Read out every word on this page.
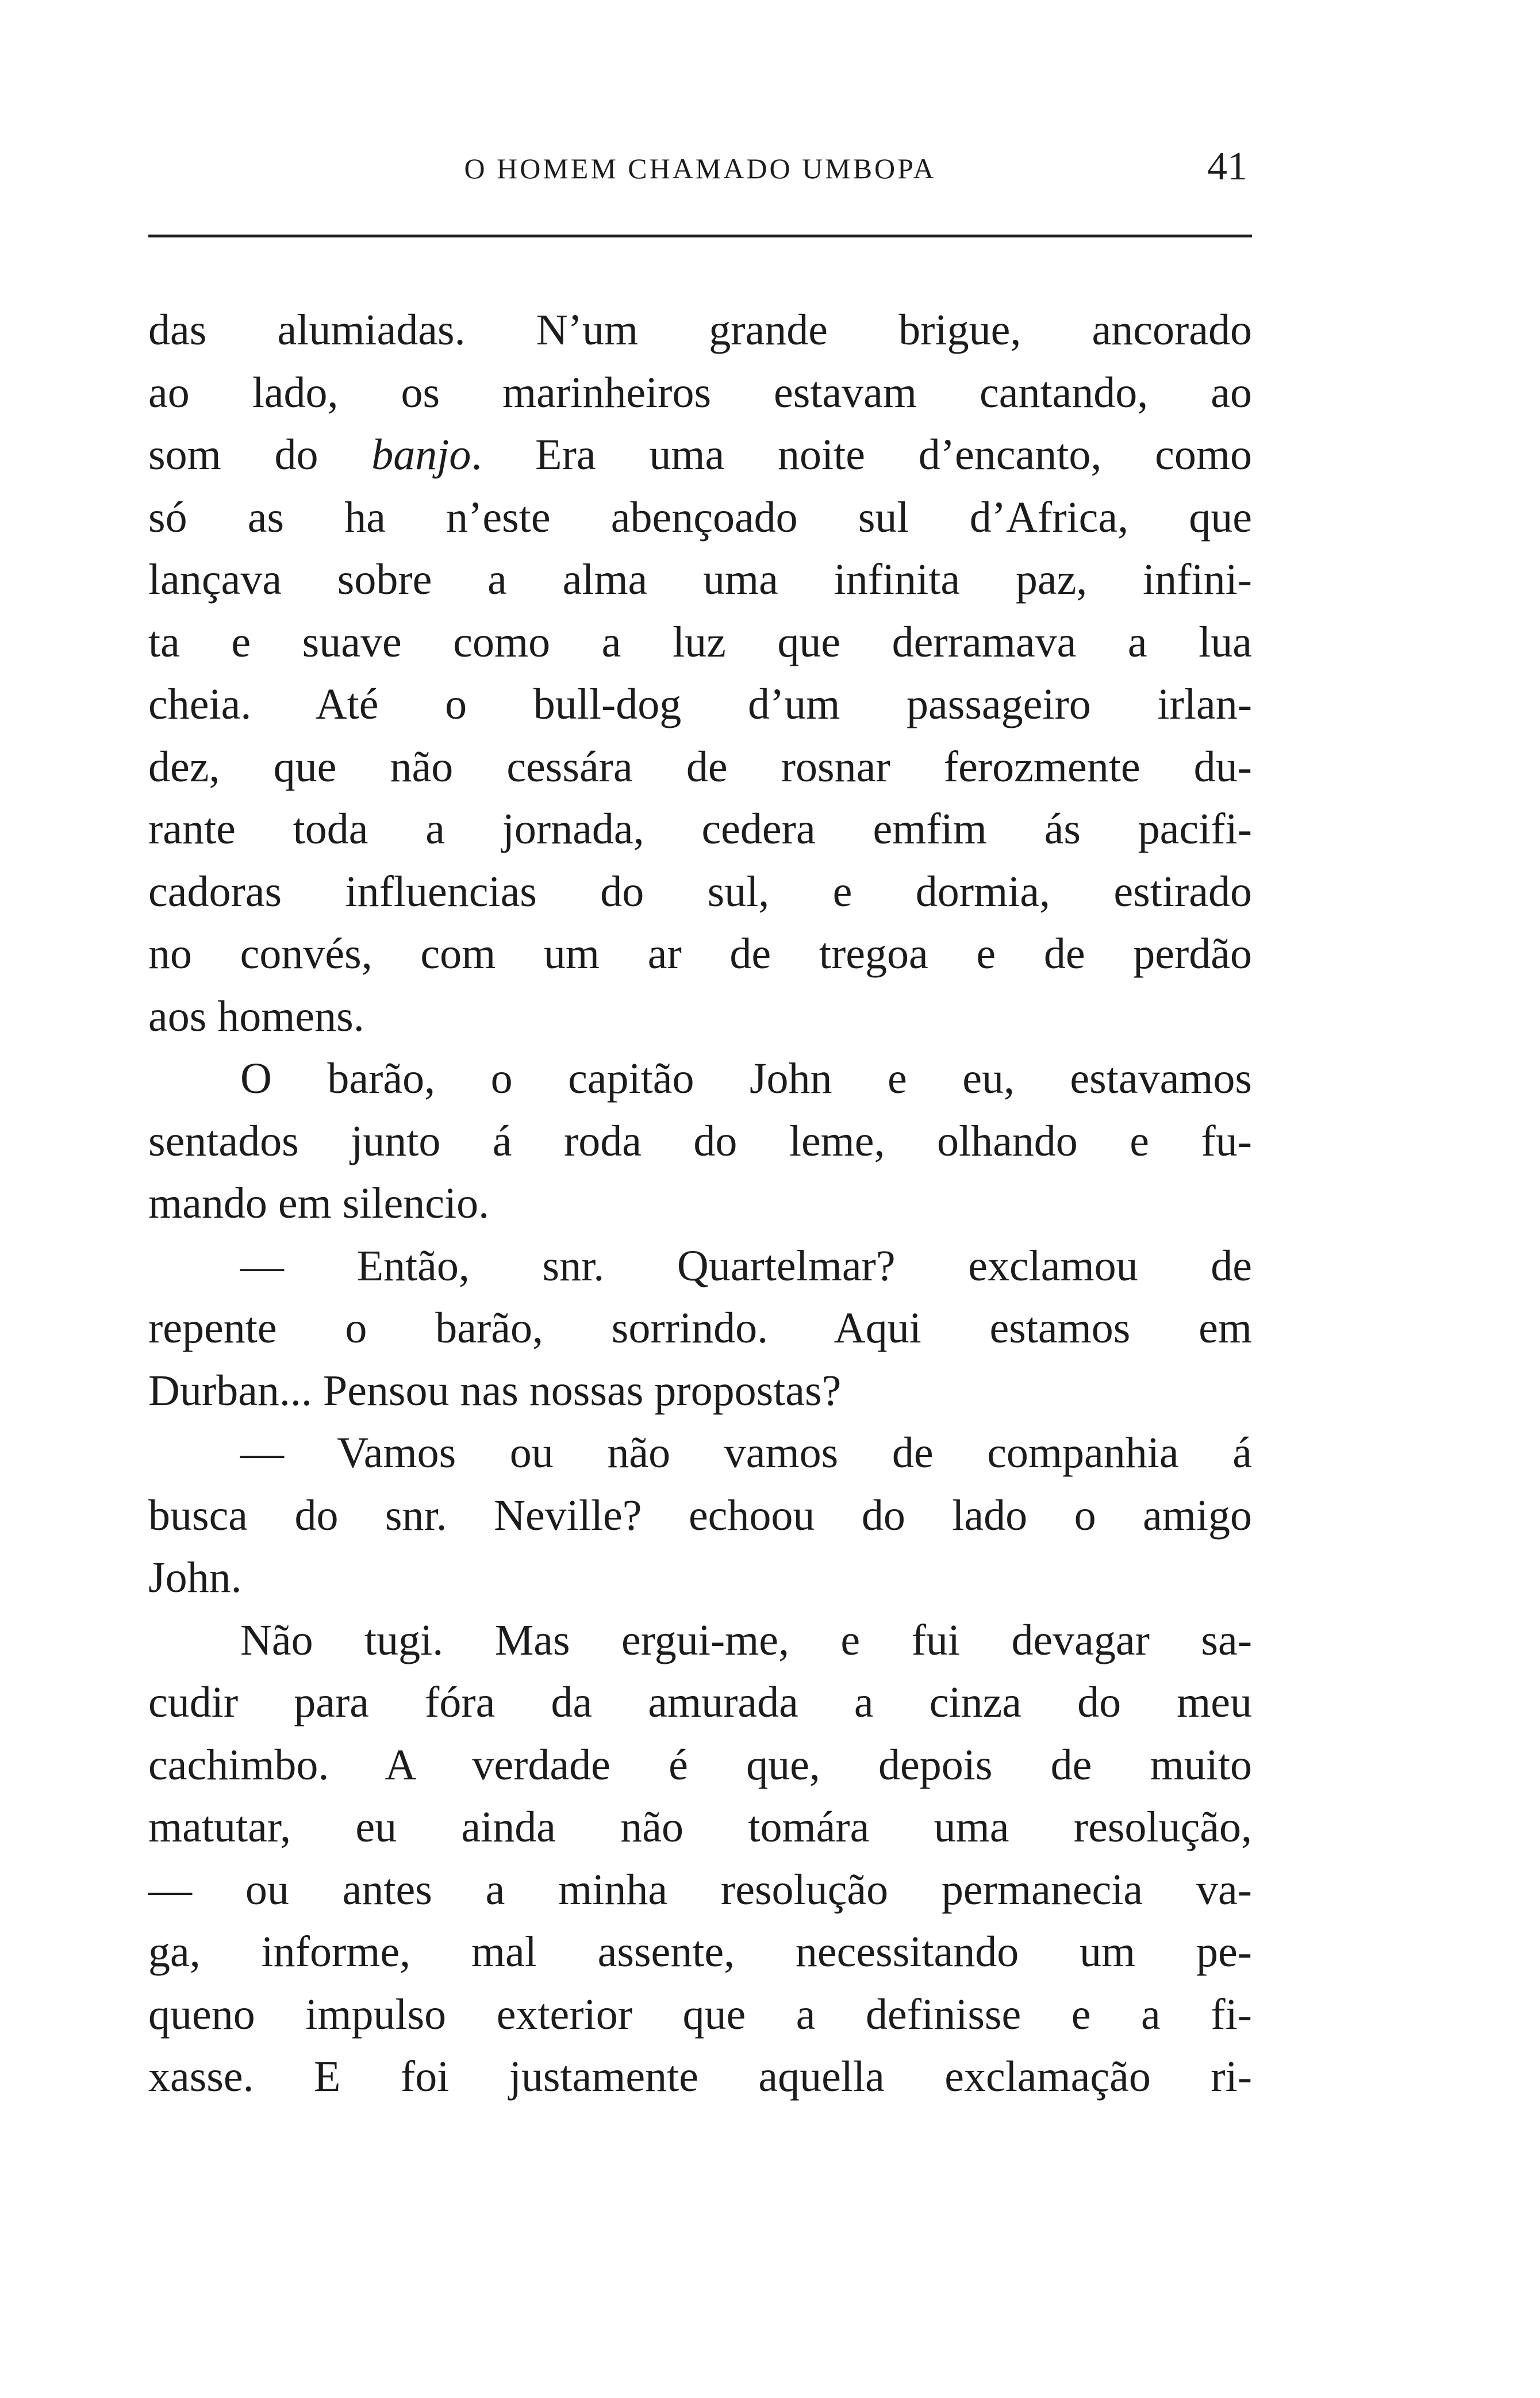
O HOMEM CHAMADO UMBOPA	41
das alumiadas. N’um grande brigue, ancorado
ao lado, os marinheiros estavam cantando, ao
som do banjo. Era uma noite d’encanto, como
só as ha n’este abençoado sul d’Africa, que
lançava sobre a alma uma infinita paz, infini-
ta e suave como a luz que derramava a lua
cheia. Até o bull-dog d’um passageiro irlan-
dez, que não cessára de rosnar ferozmente du-
rante toda a jornada, cedera emfim ás pacifi-
cadoras influencias do sul, e dormia, estirado
no convés, com um ar de tregoa e de perdão
aos homens.
O barão, o capitão John e eu, estavamos
sentados junto á roda do leme, olhando e fu-
mando em silencio.
— Então, snr. Quartelmar? exclamou de
repente o barão, sorrindo. Aqui estamos em
Durban... Pensou nas nossas propostas?
— Vamos ou não vamos de companhia á
busca do snr. Neville? echoou do lado o amigo
John.
Não tugi. Mas ergui-me, e fui devagar sa-
cudir para fóra da amurada a cinza do meu
cachimbo. A verdade é que, depois de muito
matutar, eu ainda não tomára uma resolução,
— ou antes a minha resolução permanecia va-
ga, informe, mal assente, necessitando um pe-
queno impulso exterior que a definisse e a fi-
xasse. E foi justamente aquella exclamação ri-
